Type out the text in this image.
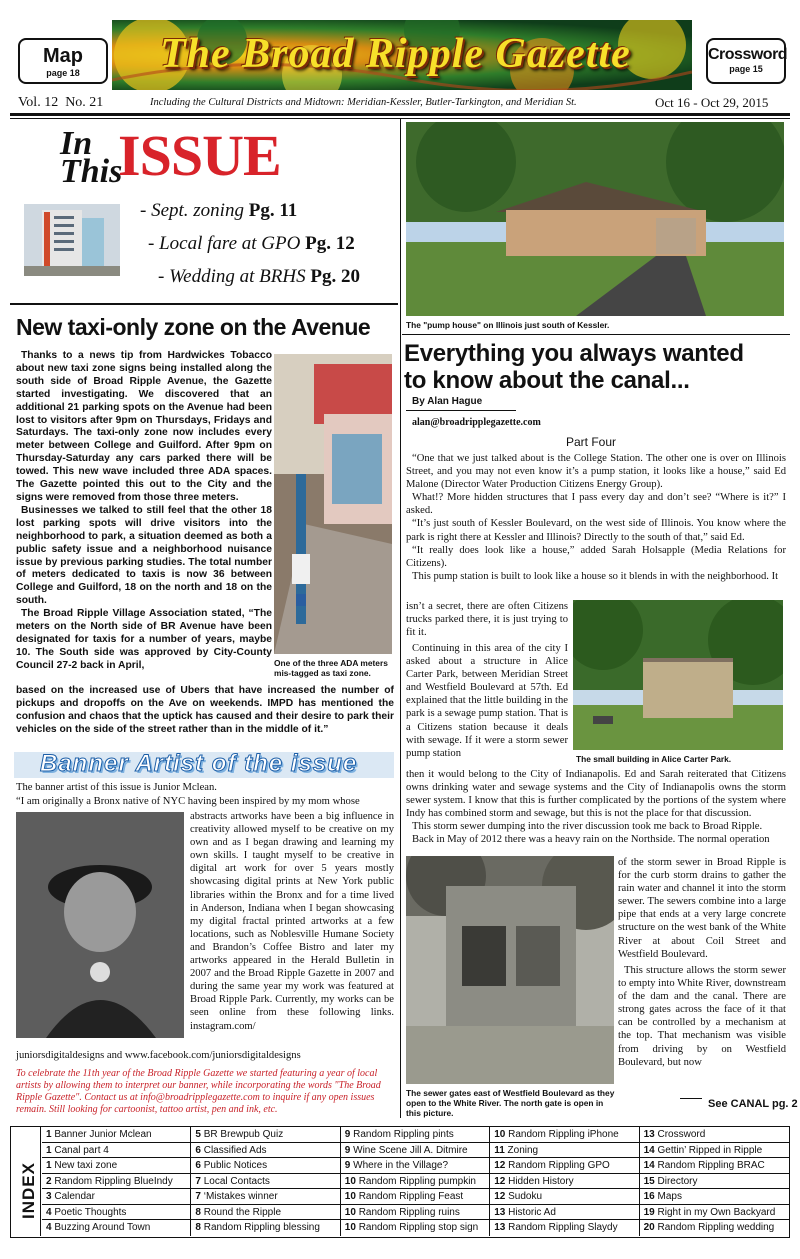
Map
page 18	The Broad Ripple Gazette	Crossword
page 15
Vol. 12  No. 21	Including the Cultural Districts and Midtown: Meridian-Kessler, Butler-Tarkington, and Meridian St.	Oct 16 - Oct 29, 2015
In
This
ISSUE
- Sept. zoning Pg. 11
- Local fare at GPO Pg. 12
- Wedding at BRHS Pg. 20
New taxi-only zone on the Avenue

Thanks to a news tip from Hardwickes Tobacco about new taxi zone signs being installed along the south side of Broad Ripple Avenue, the Gazette started investigating. We discovered that an additional 21 parking spots on the Avenue had been lost to visitors after 9pm on Thursdays, Fridays and Saturdays. The taxi-only zone now includes every meter between College and Guilford. After 9pm on Thursday-Saturday any cars parked there will be towed. This new wave included three ADA spaces. The Gazette pointed this out to the City and the signs were removed from those three meters.

Businesses we talked to still feel that the other 18 lost parking spots will drive visitors into the neighborhood to park, a situation deemed as both a public safety issue and a neighborhood nuisance issue by previous parking studies. The total number of meters dedicated to taxis is now 36 between College and Guilford, 18 on the north and 18 on the south.

The Broad Ripple Village Association stated, “The meters on the North side of BR Avenue have been designated for taxis for a number of years, maybe 10. The South side was approved by City-County Council 27-2 back in April,	One of the three ADA meters mis-tagged as taxi zone.
based on the increased use of Ubers that have increased the number of pickups and dropoffs on the Ave on weekends. IMPD has mentioned the confusion and chaos that the uptick has caused and their desire to park their vehicles on the side of the street rather than in the middle of it.”
Banner Artist of the issue
The banner artist of this issue is Junior Mclean.
“I am originally a Bronx native of NYC having been inspired by my mom whose
abstracts artworks have been a big influence in creativity allowed myself to be creative on my own and as I began drawing and learning my own skills. I taught myself to be creative in digital art work for over 5 years mostly showcasing digital prints at New York public libraries within the Bronx and for a time lived in Anderson, Indiana when I began showcasing my digital fractal printed artworks at a few locations, such as Noblesville Humane Society and Brandon’s Coffee Bistro and later my artworks appeared in the Herald Bulletin in 2007 and the Broad Ripple Gazette in 2007 and during the same year my work was featured at Broad Ripple Park. Currently, my works can be seen online from these following links. instagram.com/
juniorsdigitaldesigns and www.facebook.com/juniorsdigitaldesigns
To celebrate the 11th year of the Broad Ripple Gazette we started featuring a year of local artists by allowing them to interpret our banner, while incorporating the words "The Broad Ripple Gazette". Contact us at info@broadripplegazette.com to inquire if any open issues remain. Still looking for cartoonist, tattoo artist, pen and ink, etc.
The "pump house" on Illinois just south of Kessler.
Everything you always wanted
to know about the canal...
By Alan Hague
alan@broadripplegazette.com
Part Four

“One that we just talked about is the College Station. The other one is over on Illinois Street, and you may not even know it’s a pump station, it looks like a house,” said Ed Malone (Director Water Production Citizens Energy Group).

What!? More hidden structures that I pass every day and don’t see? “Where is it?” I asked.

“It’s just south of Kessler Boulevard, on the west side of Illinois. You know where the park is right there at Kessler and Illinois? Directly to the south of that,” said Ed.

“It really does look like a house,” added Sarah Holsapple (Media Relations for Citizens).

This pump station is built to look like a house so it blends in with the neighborhood. It

The small building in Alice Carter Park.
isn’t a secret, there are often Citizens trucks parked there, it is just trying to fit it.
Continuing in this area of the city I asked about a structure in Alice Carter Park, between Meridian Street and Westfield Boulevard at 57th. Ed explained that the little building in the park is a sewage pump station. That is a Citizens station because it deals with sewage. If it were a storm sewer pump station

then it would belong to the City of Indianapolis. Ed and Sarah reiterated that Citizens owns drinking water and sewage systems and the City of Indianapolis owns the storm sewer system. I know that this is further complicated by the portions of the system where Indy has combined storm and sewage, but this is not the place for that discussion.

This storm sewer dumping into the river discussion took me back to Broad Ripple.

Back in May of 2012 there was a heavy rain on the Northside. The normal operation

The sewer gates east of Westfield Boulevard as they open to the White River. The north gate is open in this picture.
of the storm sewer in Broad Ripple is for the curb storm drains to gather the rain water and channel it into the storm sewer. The sewers combine into a large pipe that ends at a very large concrete structure on the west bank of the White River at about Coil Street and Westfield Boulevard.
This structure allows the storm sewer to empty into White River, downstream of the dam and the canal. There are strong gates across the face of it that can be controlled by a mechanism at the top. That mechanism was visible from driving by on Westfield Boulevard, but now
See CANAL pg. 2
INDEX
1 Banner Junior Mclean	5 BR Brewpub Quiz	9 Random Rippling pints	10 Random Rippling iPhone	13 Crossword
1 Canal part 4	6 Classified Ads	9 Wine Scene Jill A. Ditmire	11 Zoning	14 Gettin’ Ripped in Ripple
1 New taxi zone	6 Public Notices	9 Where in the Village?	12 Random Rippling GPO	14 Random Rippling BRAC
2 Random Rippling BlueIndy	7 Local Contacts	10 Random Rippling pumpkin	12 Hidden History	15 Directory
3 Calendar	7 ‘Mistakes winner	10 Random Rippling Feast	12 Sudoku	16 Maps
4 Poetic Thoughts	8 Round the Ripple	10 Random Rippling ruins	13 Historic Ad	19 Right in my Own Backyard
4 Buzzing Around Town	8 Random Rippling blessing	10 Random Rippling stop sign	13 Random Rippling Slaydy	20 Random Rippling wedding
